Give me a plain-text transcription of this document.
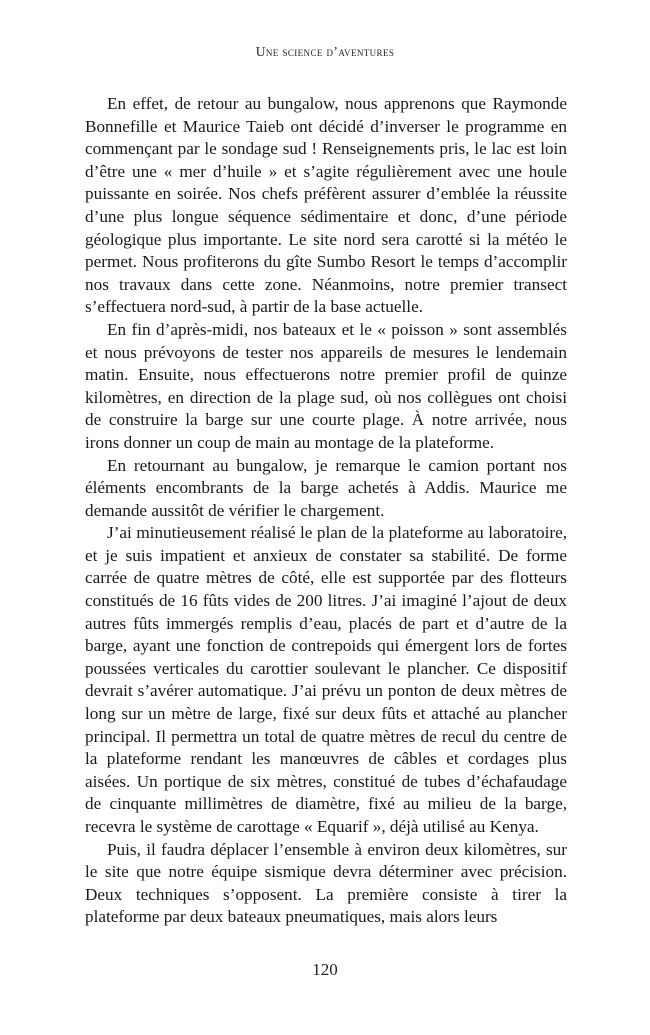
Une science d’aventures

En effet, de retour au bungalow, nous apprenons que Raymonde Bonnefille et Maurice Taieb ont décidé d’inverser le programme en commençant par le sondage sud ! Renseignements pris, le lac est loin d’être une « mer d’huile » et s’agite régulièrement avec une houle puissante en soirée. Nos chefs préfèrent assurer d’emblée la réussite d’une plus longue séquence sédimentaire et donc, d’une période géologique plus importante. Le site nord sera carotté si la météo le permet. Nous profiterons du gîte Sumbo Resort le temps d’accomplir nos travaux dans cette zone. Néanmoins, notre premier transect s’effectuera nord-sud, à partir de la base actuelle.

En fin d’après-midi, nos bateaux et le « poisson » sont assemblés et nous prévoyons de tester nos appareils de mesures le lendemain matin. Ensuite, nous effectuerons notre premier profil de quinze kilomètres, en direction de la plage sud, où nos collègues ont choisi de construire la barge sur une courte plage. À notre arrivée, nous irons donner un coup de main au montage de la plateforme.

En retournant au bungalow, je remarque le camion portant nos éléments encombrants de la barge achetés à Addis. Maurice me demande aussitôt de vérifier le chargement.

J’ai minutieusement réalisé le plan de la plateforme au laboratoire, et je suis impatient et anxieux de constater sa stabilité. De forme carrée de quatre mètres de côté, elle est supportée par des flotteurs constitués de 16 fûts vides de 200 litres. J’ai imaginé l’ajout de deux autres fûts immergés remplis d’eau, placés de part et d’autre de la barge, ayant une fonction de contrepoids qui émergent lors de fortes poussées verticales du carottier soulevant le plancher. Ce dispositif devrait s’avérer automatique. J’ai prévu un ponton de deux mètres de long sur un mètre de large, fixé sur deux fûts et attaché au plancher principal. Il permettra un total de quatre mètres de recul du centre de la plateforme rendant les manœuvres de câbles et cordages plus aisées. Un portique de six mètres, constitué de tubes d’échafaudage de cinquante millimètres de diamètre, fixé au milieu de la barge, recevra le système de carottage « Equarif », déjà utilisé au Kenya.

Puis, il faudra déplacer l’ensemble à environ deux kilomètres, sur le site que notre équipe sismique devra déterminer avec précision. Deux techniques s’opposent. La première consiste à tirer la plateforme par deux bateaux pneumatiques, mais alors leurs

120
